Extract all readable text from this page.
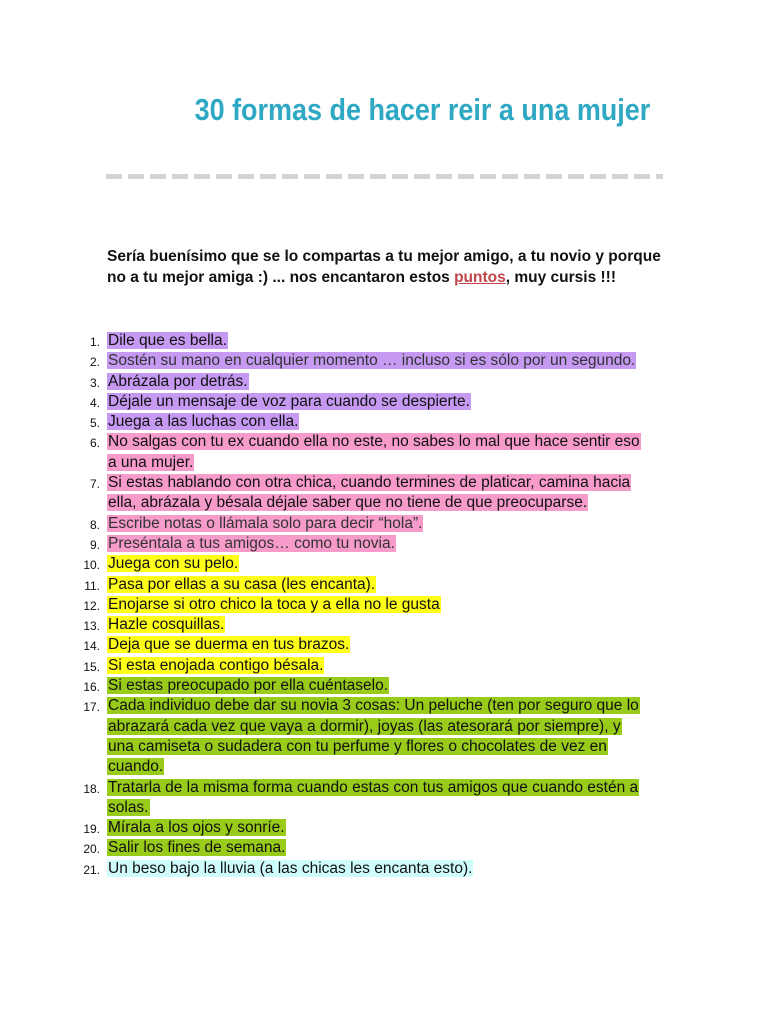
30 formas de hacer reir a una mujer

Sería buenísimo que se lo compartas a tu mejor amigo, a tu novio y porque no a tu mejor amiga :) ... nos encantaron estos puntos, muy cursis !!!

1. Dile que es bella.
2. Sostén su mano en cualquier momento … incluso si es sólo por un segundo.
3. Abrázala por detrás.
4. Déjale un mensaje de voz para cuando se despierte.
5. Juega a las luchas con ella.
6. No salgas con tu ex cuando ella no este, no sabes lo mal que hace sentir eso a una mujer.
7. Si estas hablando con otra chica, cuando termines de platicar, camina hacia ella, abrázala y bésala déjale saber que no tiene de que preocuparse.
8. Escribe notas o llámala solo para decir “hola”.
9. Preséntala a tus amigos… como tu novia.
10. Juega con su pelo.
11. Pasa por ellas a su casa (les encanta).
12. Enojarse si otro chico la toca y a ella no le gusta
13. Hazle cosquillas.
14. Deja que se duerma en tus brazos.
15. Si esta enojada contigo bésala.
16. Si estas preocupado por ella cuéntaselo.
17. Cada individuo debe dar su novia 3 cosas: Un peluche (ten por seguro que lo abrazará cada vez que vaya a dormir), joyas (las atesorará por siempre), y una camiseta o sudadera con tu perfume y flores o chocolates de vez en cuando.
18. Tratarla de la misma forma cuando estas con tus amigos que cuando estén a solas.
19. Mírala a los ojos y sonríe.
20. Salir los fines de semana.
21. Un beso bajo la lluvia (a las chicas les encanta esto).
